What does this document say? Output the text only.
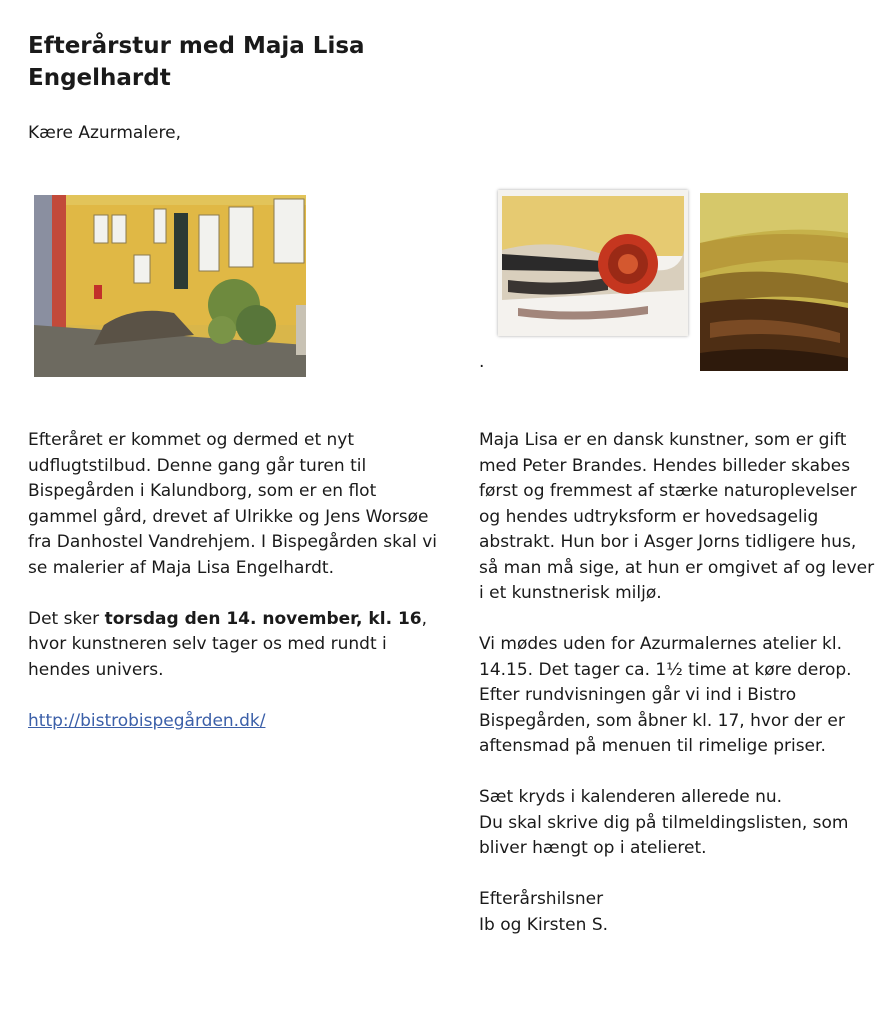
Efterårstur med Maja Lisa Engelhardt
Kære Azurmalere,
.

Efteråret er kommet og dermed et nyt udflugtstilbud. Denne gang går turen til Bispegården i Kalundborg, som er en flot gammel gård, drevet af Ulrikke og Jens Worsøe fra Danhostel Vandrehjem. I Bispegården skal vi se malerier af Maja Lisa Engelhardt.

Det sker torsdag den 14. november, kl. 16, hvor kunstneren selv tager os med rundt i hendes univers.

http://bistrobispegården.dk/

Maja Lisa er en dansk kunstner, som er gift med Peter Brandes. Hendes billeder skabes først og fremmest af stærke naturoplevelser og hendes udtryksform er hovedsagelig abstrakt. Hun bor i Asger Jorns tidligere hus, så man må sige, at hun er omgivet af og lever i et kunstnerisk miljø.

Vi mødes uden for Azurmalernes atelier kl. 14.15. Det tager ca. 1½ time at køre derop. Efter rundvisningen går vi ind i Bistro Bispegården, som åbner kl. 17, hvor der er aftensmad på menuen til rimelige priser.

Sæt kryds i kalenderen allerede nu.
Du skal skrive dig på tilmeldingslisten, som bliver hængt op i atelieret.

Efterårshilsner
Ib og Kirsten S.
